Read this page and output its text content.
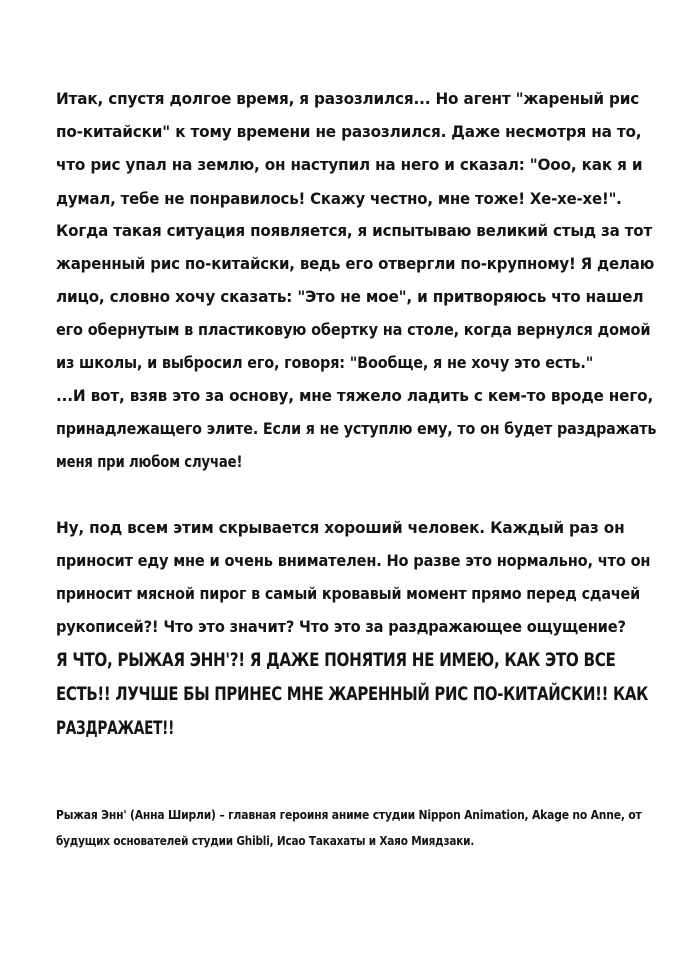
Итак, спустя долгое время, я разозлился... Но агент "жареный рис
по-китайски" к тому времени не разозлился. Даже несмотря на то,
что рис упал на землю, он наступил на него и сказал: "Ооо, как я и
думал, тебе не понравилось! Скажу честно, мне тоже! Хе-хе-хе!".
Когда такая ситуация появляется, я испытываю великий стыд за тот
жаренный рис по-китайски, ведь его отвергли по-крупному! Я делаю
лицо, словно хочу сказать: "Это не мое", и притворяюсь что нашел
его обернутым в пластиковую обертку на столе, когда вернулся домой
из школы, и выбросил его, говоря: "Вообще, я не хочу это есть."
...И вот, взяв это за основу, мне тяжело ладить с кем-то вроде него,
принадлежащего элите. Если я не уступлю ему, то он будет раздражать
меня при любом случае!
Ну, под всем этим скрывается хороший человек. Каждый раз он
приносит еду мне и очень внимателен. Но разве это нормально, что он
приносит мясной пирог в самый кровавый момент прямо перед сдачей
рукописей?! Что это значит? Что это за раздражающее ощущение?
Я ЧТО, РЫЖАЯ ЭНН'?! Я ДАЖЕ ПОНЯТИЯ НЕ ИМЕЮ, КАК ЭТО ВСЕ
ЕСТЬ!! ЛУЧШЕ БЫ ПРИНЕС МНЕ ЖАРЕННЫЙ РИС ПО-КИТАЙСКИ!! КАК
РАЗДРАЖАЕТ!!
Рыжая Энн' (Анна Ширли) – главная героиня аниме студии Nippon Animation, Akage no Anne, от
будущих основателей студии Ghibli, Исао Такахаты и Хаяо Миядзаки.
